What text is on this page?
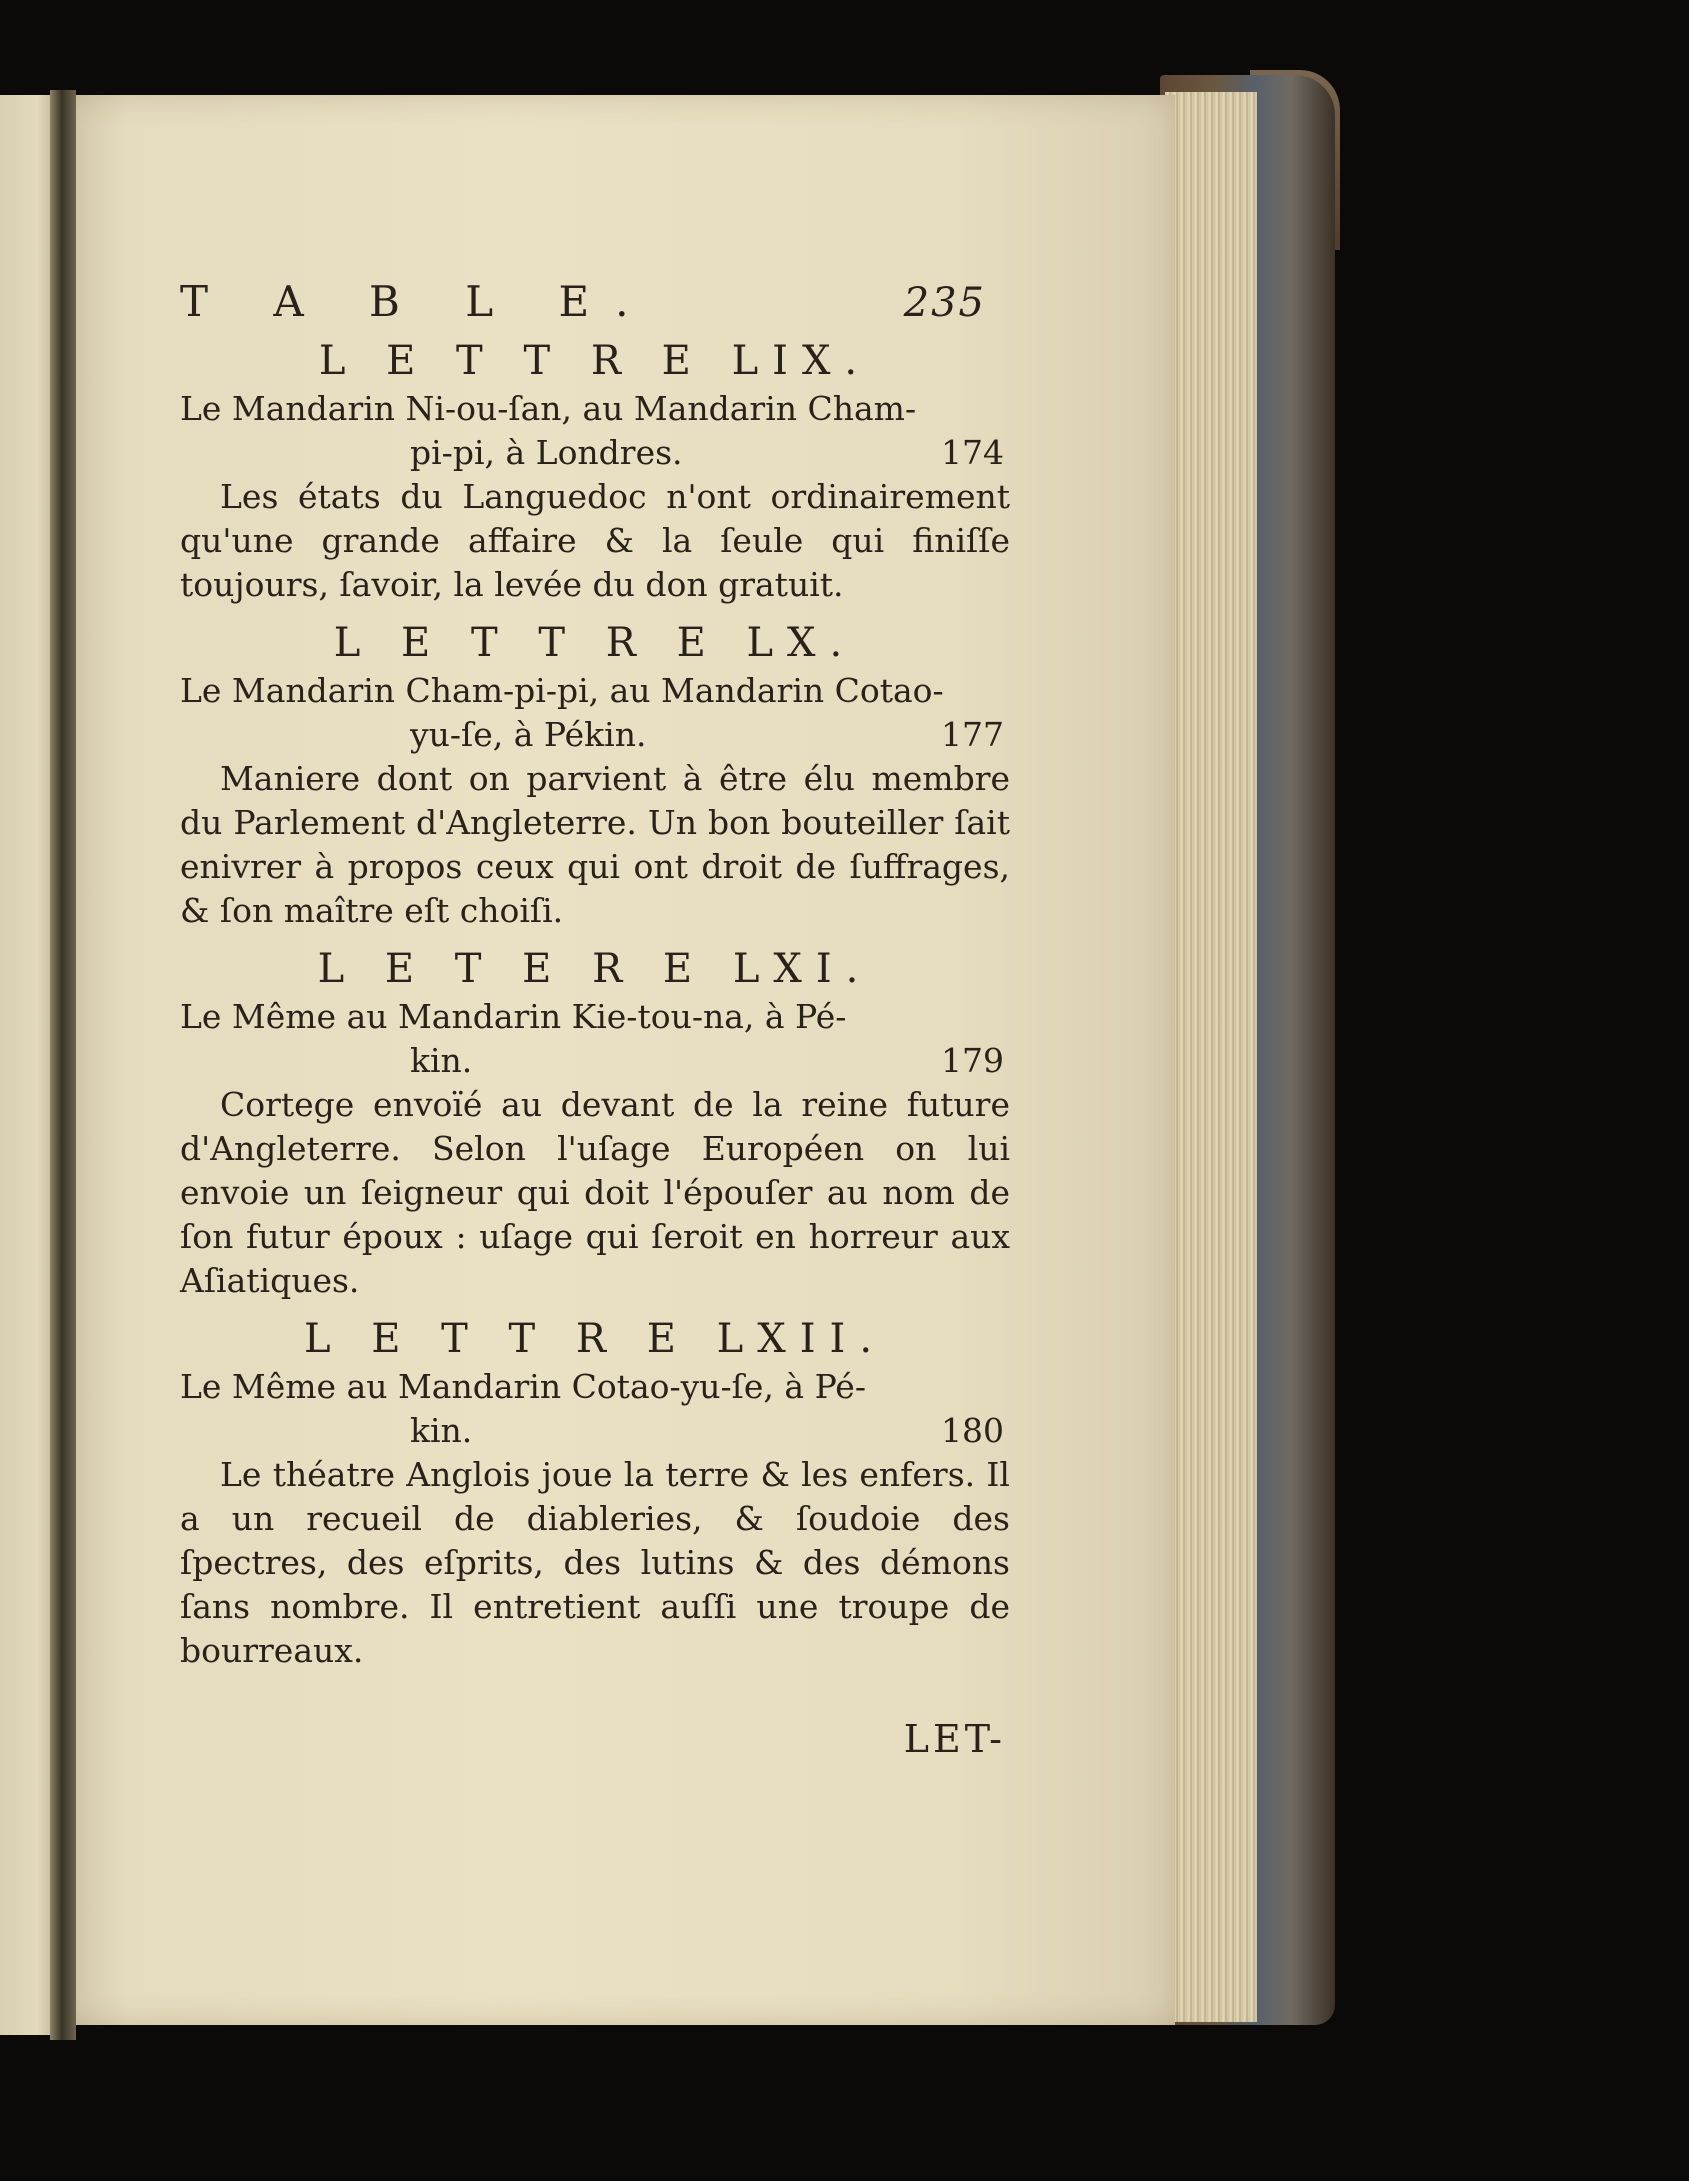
T A B L E.	235
L E T T R E LIX.
Le Mandarin Ni-ou-ſan, au Mandarin Cham-
pi-pi, à Londres.	174
Les états du Languedoc n'ont ordinairement qu'une grande affaire & la ſeule qui finiſſe toujours, ſavoir, la levée du don gratuit.
L E T T R E LX.
Le Mandarin Cham-pi-pi, au Mandarin Cotao-
yu-ſe, à Pékin.	177
Maniere dont on parvient à être élu membre du Parlement d'Angleterre. Un bon bouteiller ſait enivrer à propos ceux qui ont droit de ſuffrages, & ſon maître eſt choiſi.
L E T E R E LXI.
Le Même au Mandarin Kie-tou-na, à Pé-
kin.	179
Cortege envoïé au devant de la reine future d'Angleterre. Selon l'uſage Européen on lui envoie un ſeigneur qui doit l'épouſer au nom de ſon futur époux : uſage qui ſeroit en horreur aux Aſiatiques.
L E T T R E LXII.
Le Même au Mandarin Cotao-yu-ſe, à Pé-
kin.	180
Le théatre Anglois joue la terre & les enfers. Il a un recueil de diableries, & ſoudoie des ſpectres, des eſprits, des lutins & des démons ſans nombre. Il entretient auſſi une troupe de bourreaux.
LET-
